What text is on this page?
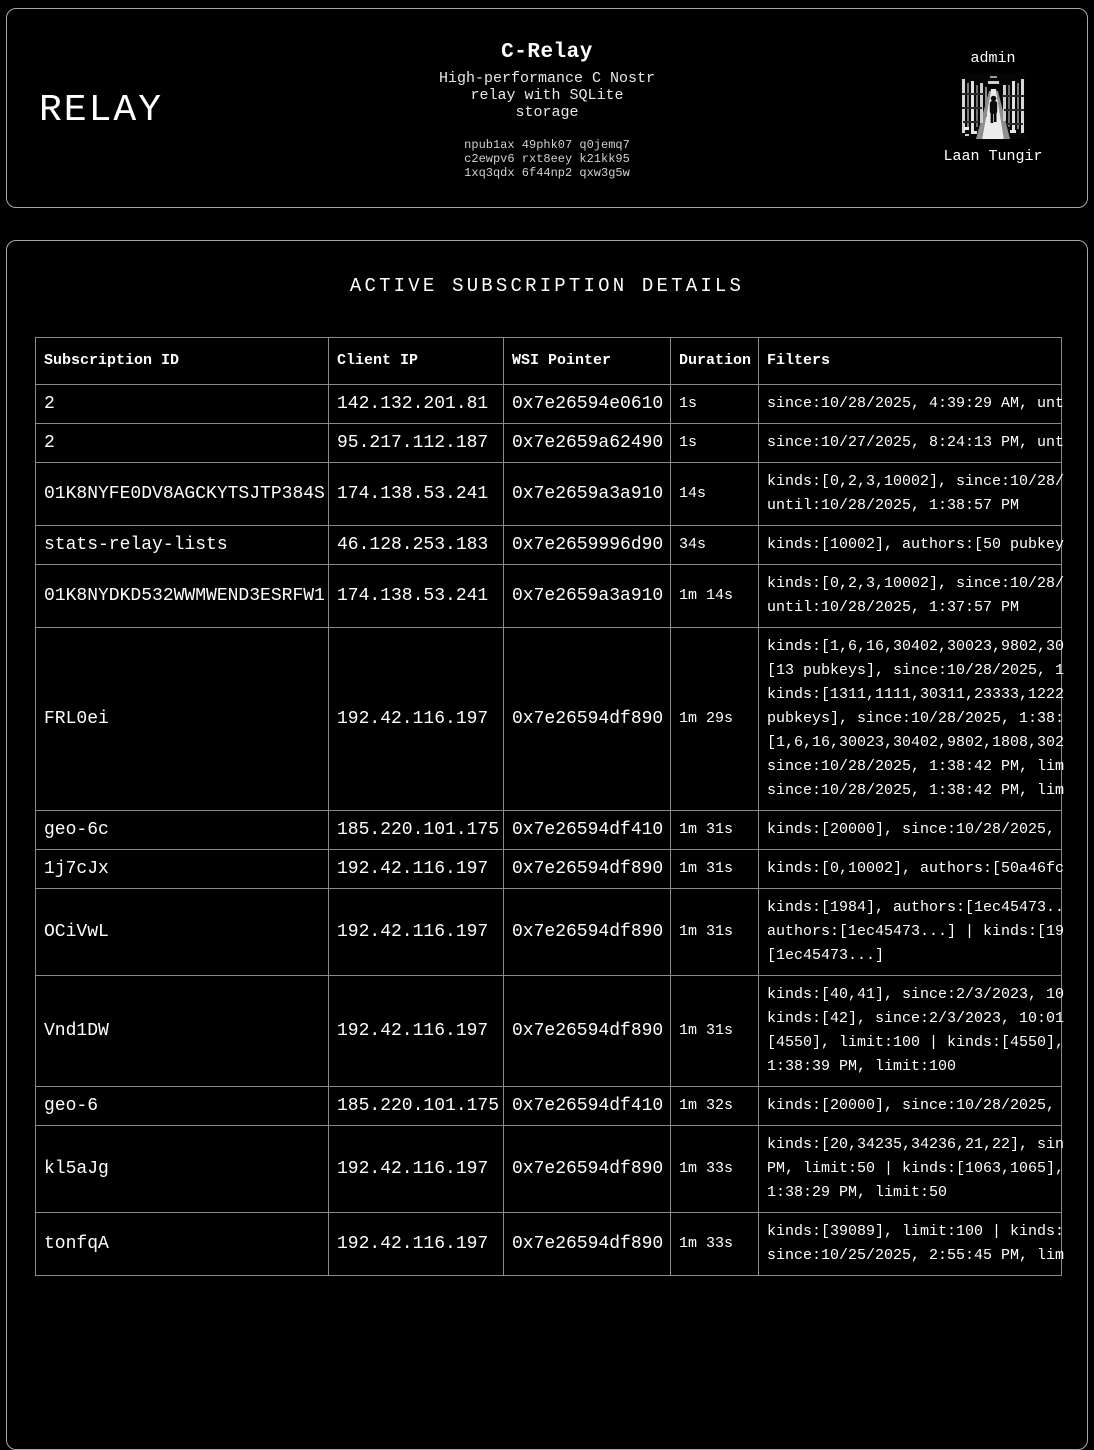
RELAY
C-Relay
High-performance C Nostr
relay with SQLite
storage
npub1ax 49phk07 q0jemq7
c2ewpv6 rxt8eey k21kk95
1xq3qdx 6f44np2 qxw3g5w
admin
Laan Tungir
ACTIVE SUBSCRIPTION DETAILS
Subscription ID	Client IP	WSI Pointer	Duration	Filters
2	142.132.201.81	0x7e26594e0610	1s	since:10/28/2025, 4:39:29 AM, unt

2	95.217.112.187	0x7e2659a62490	1s	since:10/27/2025, 8:24:13 PM, unt

01K8NYFE0DV8AGCKYTSJTP384S	174.138.53.241	0x7e2659a3a910	14s	kinds:[0,2,3,10002], since:10/28/
until:10/28/2025, 1:38:57 PM

stats-relay-lists	46.128.253.183	0x7e2659996d90	34s	kinds:[10002], authors:[50 pubkey

01K8NYDKD532WWMWEND3ESRFW1	174.138.53.241	0x7e2659a3a910	1m 14s	kinds:[0,2,3,10002], since:10/28/
until:10/28/2025, 1:37:57 PM

FRL0ei	192.42.116.197	0x7e26594df890	1m 29s	
kinds:[1,6,16,30402,30023,9802,30
[13 pubkeys], since:10/28/2025, 1
kinds:[1311,1111,30311,23333,1222
pubkeys], since:10/28/2025, 1:38:
[1,6,16,30023,30402,9802,1808,302
since:10/28/2025, 1:38:42 PM, lim
since:10/28/2025, 1:38:42 PM, lim

geo-6c	185.220.101.175	0x7e26594df410	1m 31s	kinds:[20000], since:10/28/2025,

1j7cJx	192.42.116.197	0x7e26594df890	1m 31s	kinds:[0,10002], authors:[50a46fc

OCiVwL	192.42.116.197	0x7e26594df890	1m 31s	kinds:[1984], authors:[1ec45473..
authors:[1ec45473...] | kinds:[19
[1ec45473...]

Vnd1DW	192.42.116.197	0x7e26594df890	1m 31s	kinds:[40,41], since:2/3/2023, 10
kinds:[42], since:2/3/2023, 10:01
[4550], limit:100 | kinds:[4550],
1:38:39 PM, limit:100

geo-6	185.220.101.175	0x7e26594df410	1m 32s	kinds:[20000], since:10/28/2025,

kl5aJg	192.42.116.197	0x7e26594df890	1m 33s	kinds:[20,34235,34236,21,22], sin
PM, limit:50 | kinds:[1063,1065],
1:38:29 PM, limit:50

tonfqA	192.42.116.197	0x7e26594df890	1m 33s	kinds:[39089], limit:100 | kinds:
since:10/25/2025, 2:55:45 PM, lim
